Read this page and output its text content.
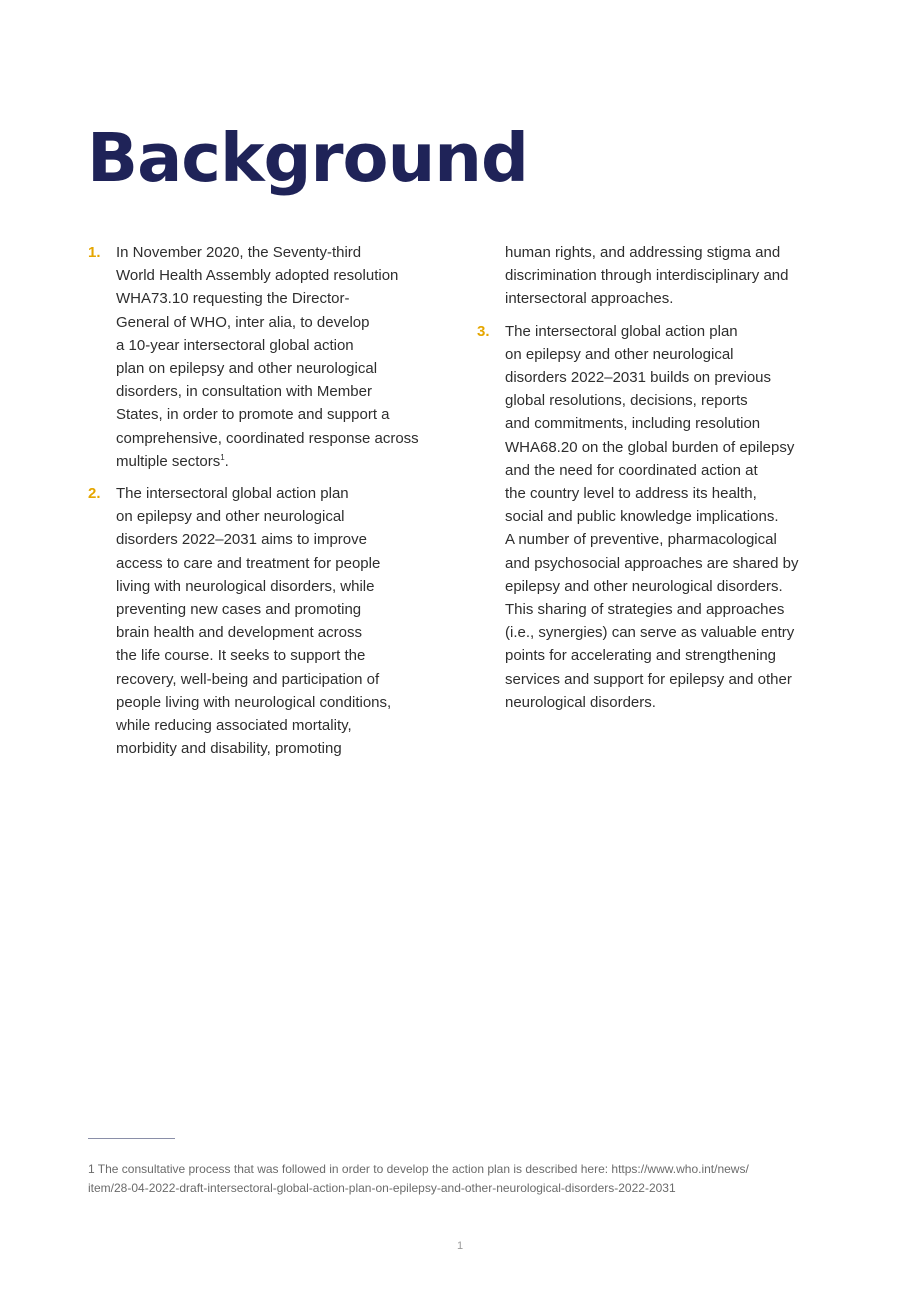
Background
1. In November 2020, the Seventy-third
World Health Assembly adopted resolution
WHA73.10 requesting the Director-
General of WHO, inter alia, to develop
a 10-year intersectoral global action
plan on epilepsy and other neurological
disorders, in consultation with Member
States, in order to promote and support a
comprehensive, coordinated response across
multiple sectors$^1$.
2. The intersectoral global action plan
on epilepsy and other neurological
disorders 2022–2031 aims to improve
access to care and treatment for people
living with neurological disorders, while
preventing new cases and promoting
brain health and development across
the life course. It seeks to support the
recovery, well-being and participation of
people living with neurological conditions,
while reducing associated mortality,
morbidity and disability, promoting
human rights, and addressing stigma and
discrimination through interdisciplinary and
intersectoral approaches.
3. The intersectoral global action plan
on epilepsy and other neurological
disorders 2022–2031 builds on previous
global resolutions, decisions, reports
and commitments, including resolution
WHA68.20 on the global burden of epilepsy
and the need for coordinated action at
the country level to address its health,
social and public knowledge implications.
A number of preventive, pharmacological
and psychosocial approaches are shared by
epilepsy and other neurological disorders.
This sharing of strategies and approaches
(i.e., synergies) can serve as valuable entry
points for accelerating and strengthening
services and support for epilepsy and other
neurological disorders.
1 The consultative process that was followed in order to develop the action plan is described here: https://www.who.int/news/
item/28-04-2022-draft-intersectoral-global-action-plan-on-epilepsy-and-other-neurological-disorders-2022-2031
1
